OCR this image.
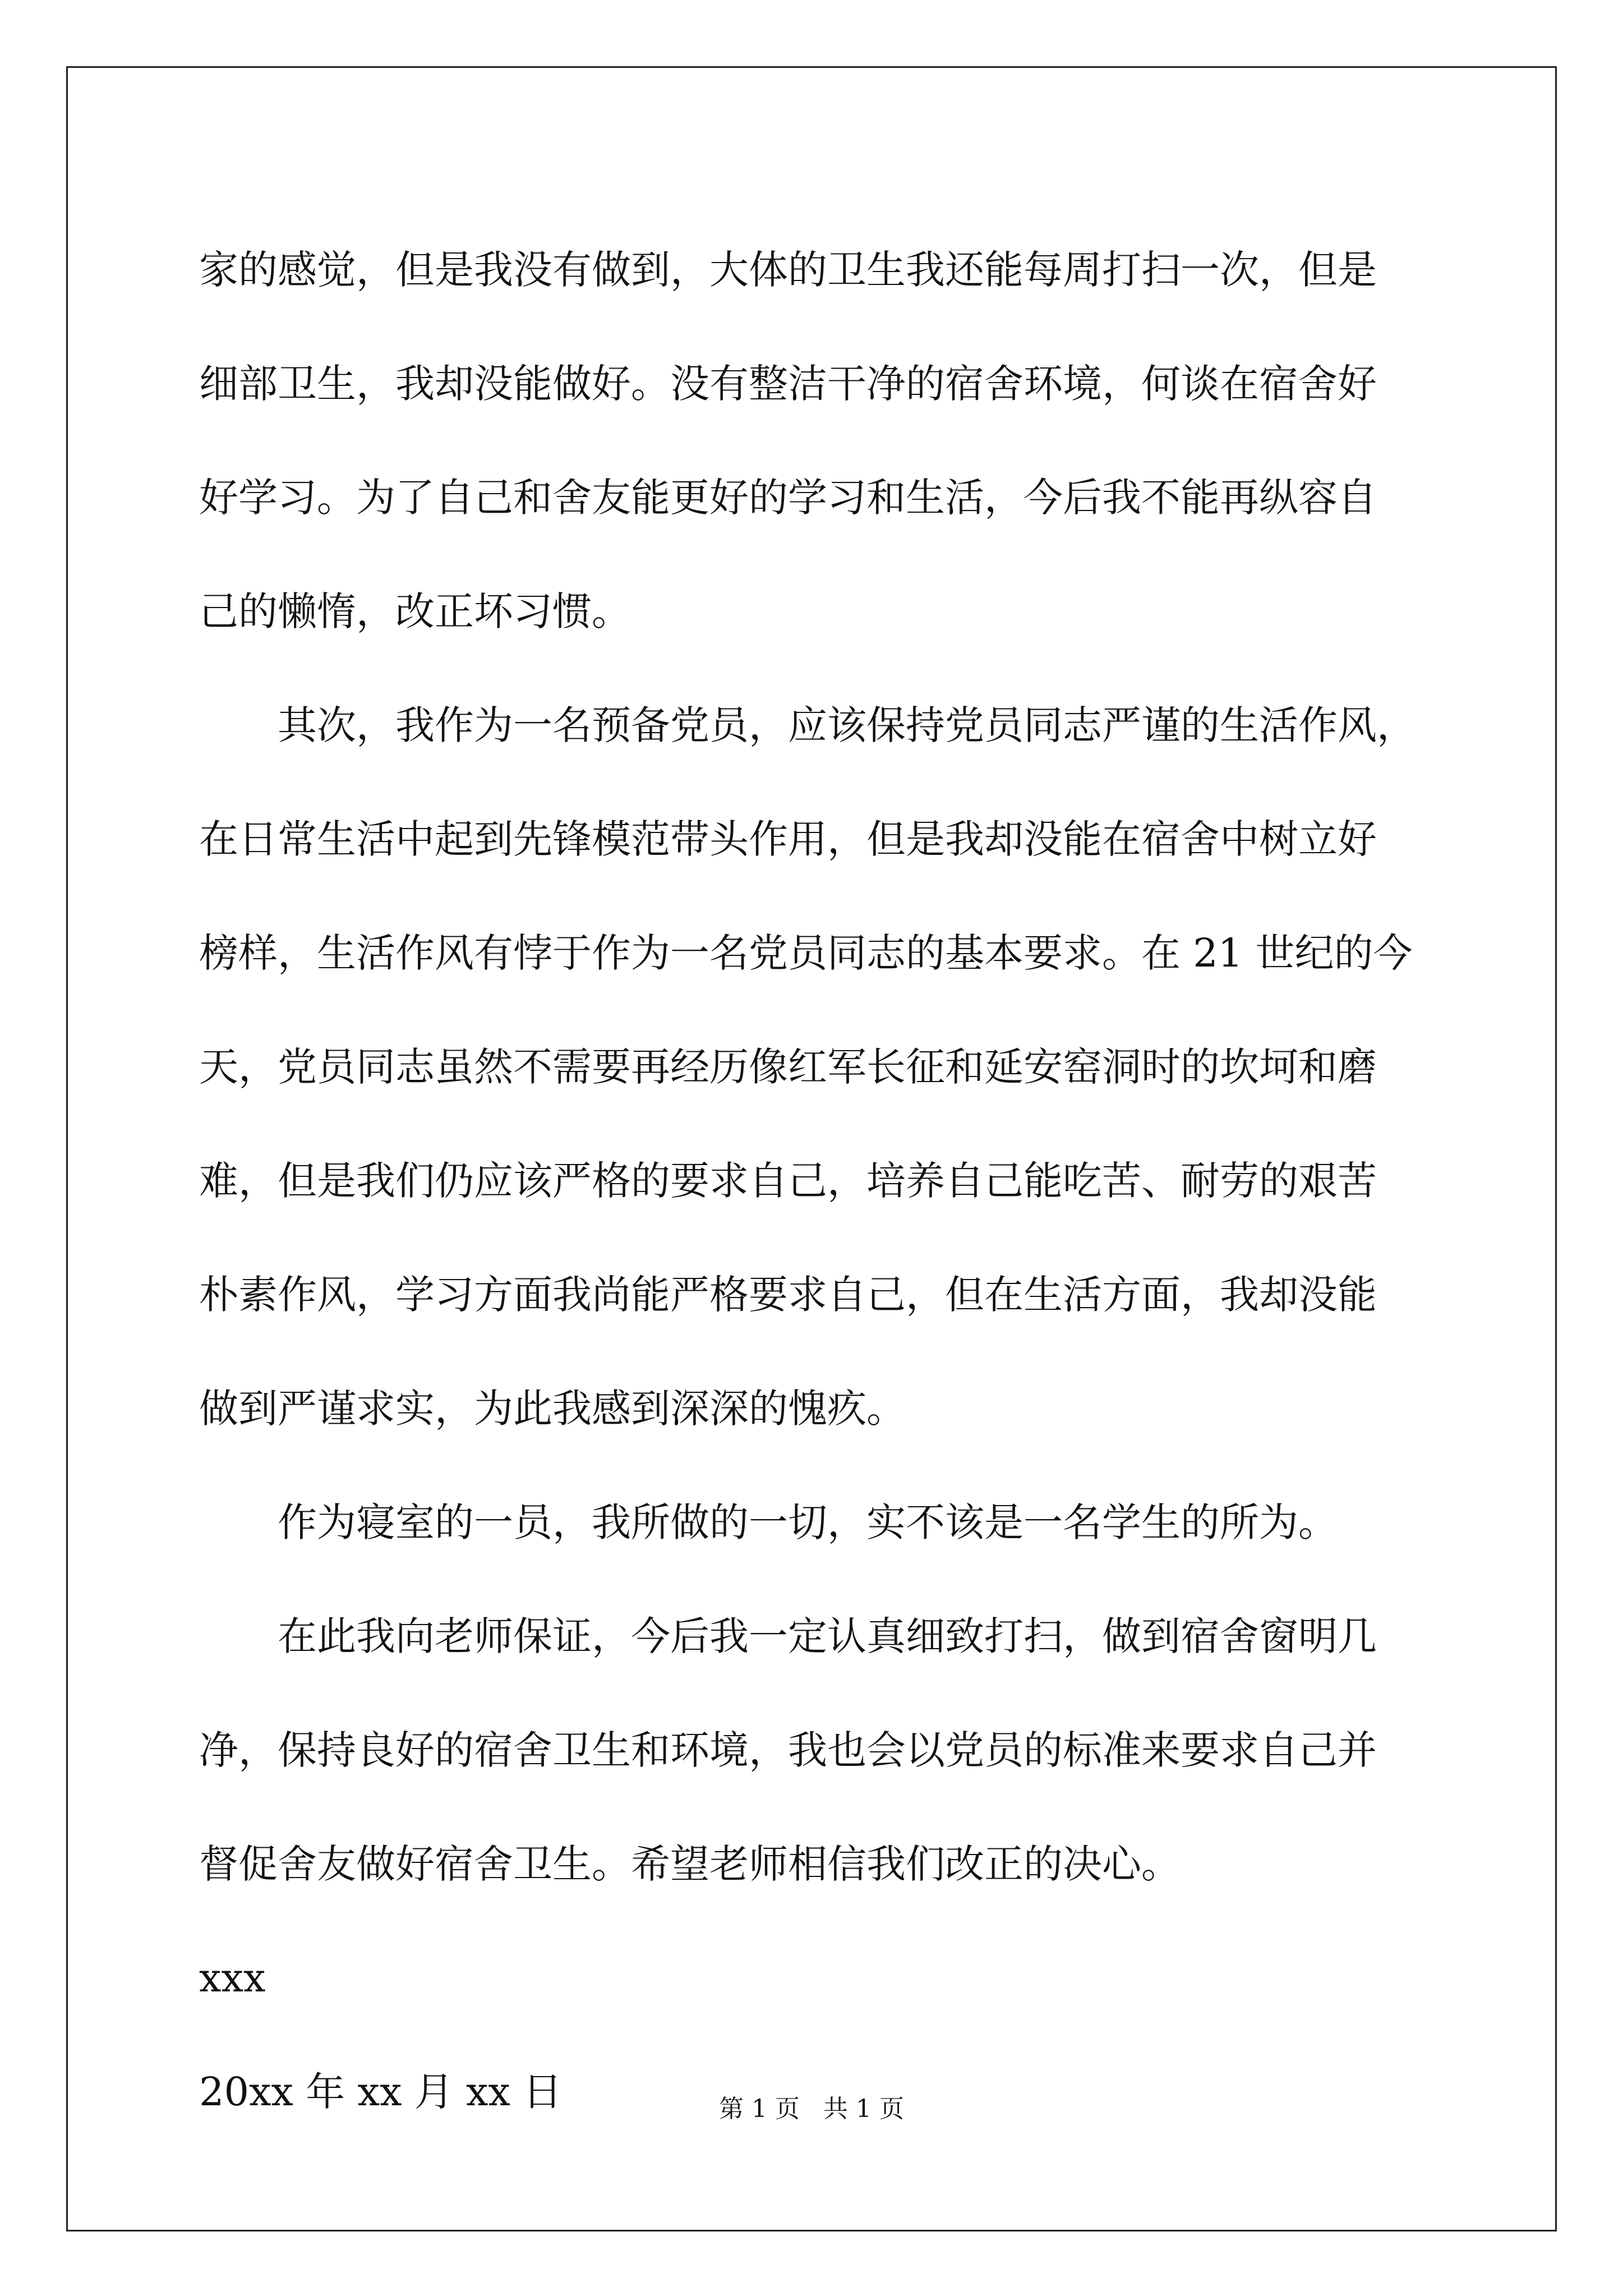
家的感觉，但是我没有做到，大体的卫生我还能每周打扫一次，但是
细部卫生，我却没能做好。没有整洁干净的宿舍环境，何谈在宿舍好
好学习。为了自己和舍友能更好的学习和生活，今后我不能再纵容自
己的懒惰，改正坏习惯。
其次，我作为一名预备党员，应该保持党员同志严谨的生活作风，
在日常生活中起到先锋模范带头作用，但是我却没能在宿舍中树立好
榜样，生活作风有悖于作为一名党员同志的基本要求。在 21 世纪的今
天，党员同志虽然不需要再经历像红军长征和延安窑洞时的坎坷和磨
难，但是我们仍应该严格的要求自己，培养自己能吃苦、耐劳的艰苦
朴素作风，学习方面我尚能严格要求自己，但在生活方面，我却没能
做到严谨求实，为此我感到深深的愧疚。
作为寝室的一员，我所做的一切，实不该是一名学生的所为。
在此我向老师保证，今后我一定认真细致打扫，做到宿舍窗明几
净，保持良好的宿舍卫生和环境，我也会以党员的标准来要求自己并
督促舍友做好宿舍卫生。希望老师相信我们改正的决心。
xxx
20xx 年 xx 月 xx 日	第 1 页   共 1 页
